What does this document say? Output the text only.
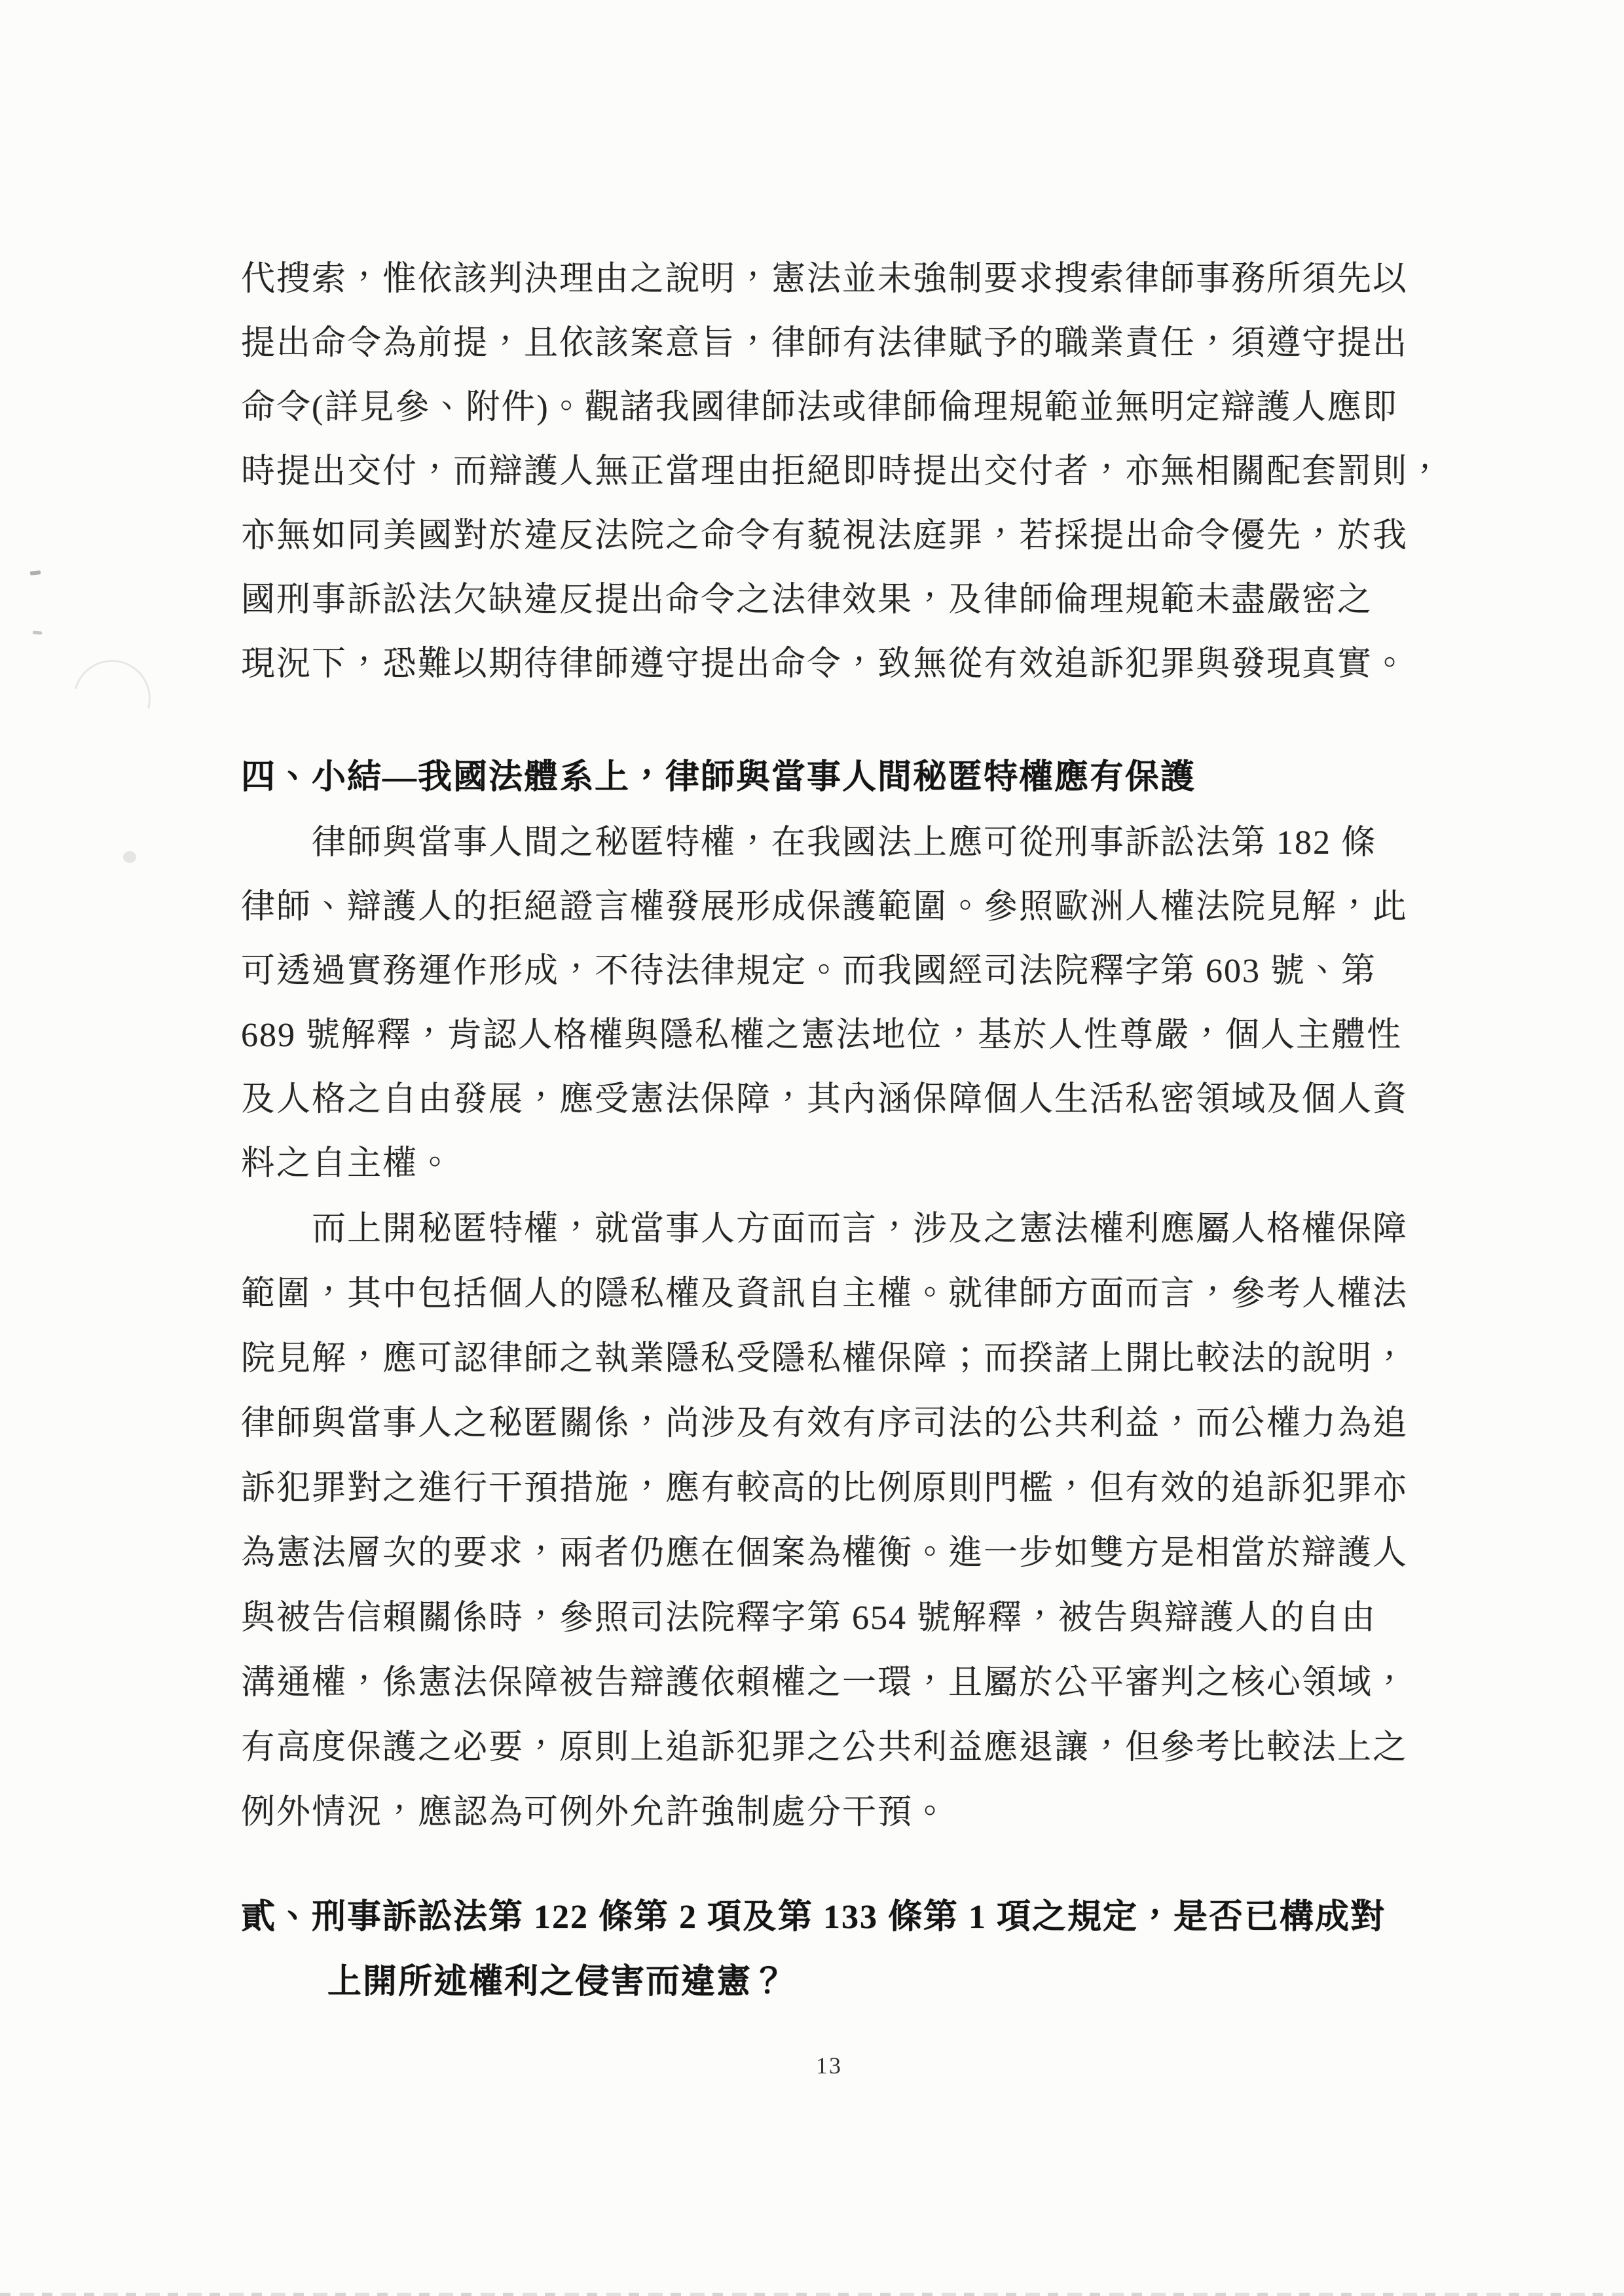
代搜索，惟依該判決理由之說明，憲法並未強制要求搜索律師事務所須先以
提出命令為前提，且依該案意旨，律師有法律賦予的職業責任，須遵守提出
命令(詳見參、附件)。觀諸我國律師法或律師倫理規範並無明定辯護人應即
時提出交付，而辯護人無正當理由拒絕即時提出交付者，亦無相關配套罰則，
亦無如同美國對於違反法院之命令有藐視法庭罪，若採提出命令優先，於我
國刑事訴訟法欠缺違反提出命令之法律效果，及律師倫理規範未盡嚴密之
現況下，恐難以期待律師遵守提出命令，致無從有效追訴犯罪與發現真實。
四、小結—我國法體系上，律師與當事人間秘匿特權應有保護
律師與當事人間之秘匿特權，在我國法上應可從刑事訴訟法第 182 條
律師、辯護人的拒絕證言權發展形成保護範圍。參照歐洲人權法院見解，此
可透過實務運作形成，不待法律規定。而我國經司法院釋字第 603 號、第
689 號解釋，肯認人格權與隱私權之憲法地位，基於人性尊嚴，個人主體性
及人格之自由發展，應受憲法保障，其內涵保障個人生活私密領域及個人資
料之自主權。
而上開秘匿特權，就當事人方面而言，涉及之憲法權利應屬人格權保障
範圍，其中包括個人的隱私權及資訊自主權。就律師方面而言，參考人權法
院見解，應可認律師之執業隱私受隱私權保障；而揆諸上開比較法的說明，
律師與當事人之秘匿關係，尚涉及有效有序司法的公共利益，而公權力為追
訴犯罪對之進行干預措施，應有較高的比例原則門檻，但有效的追訴犯罪亦
為憲法層次的要求，兩者仍應在個案為權衡。進一步如雙方是相當於辯護人
與被告信賴關係時，參照司法院釋字第 654 號解釋，被告與辯護人的自由
溝通權，係憲法保障被告辯護依賴權之一環，且屬於公平審判之核心領域，
有高度保護之必要，原則上追訴犯罪之公共利益應退讓，但參考比較法上之
例外情況，應認為可例外允許強制處分干預。
貳、刑事訴訟法第 122 條第 2 項及第 133 條第 1 項之規定，是否已構成對
上開所述權利之侵害而違憲？
13
